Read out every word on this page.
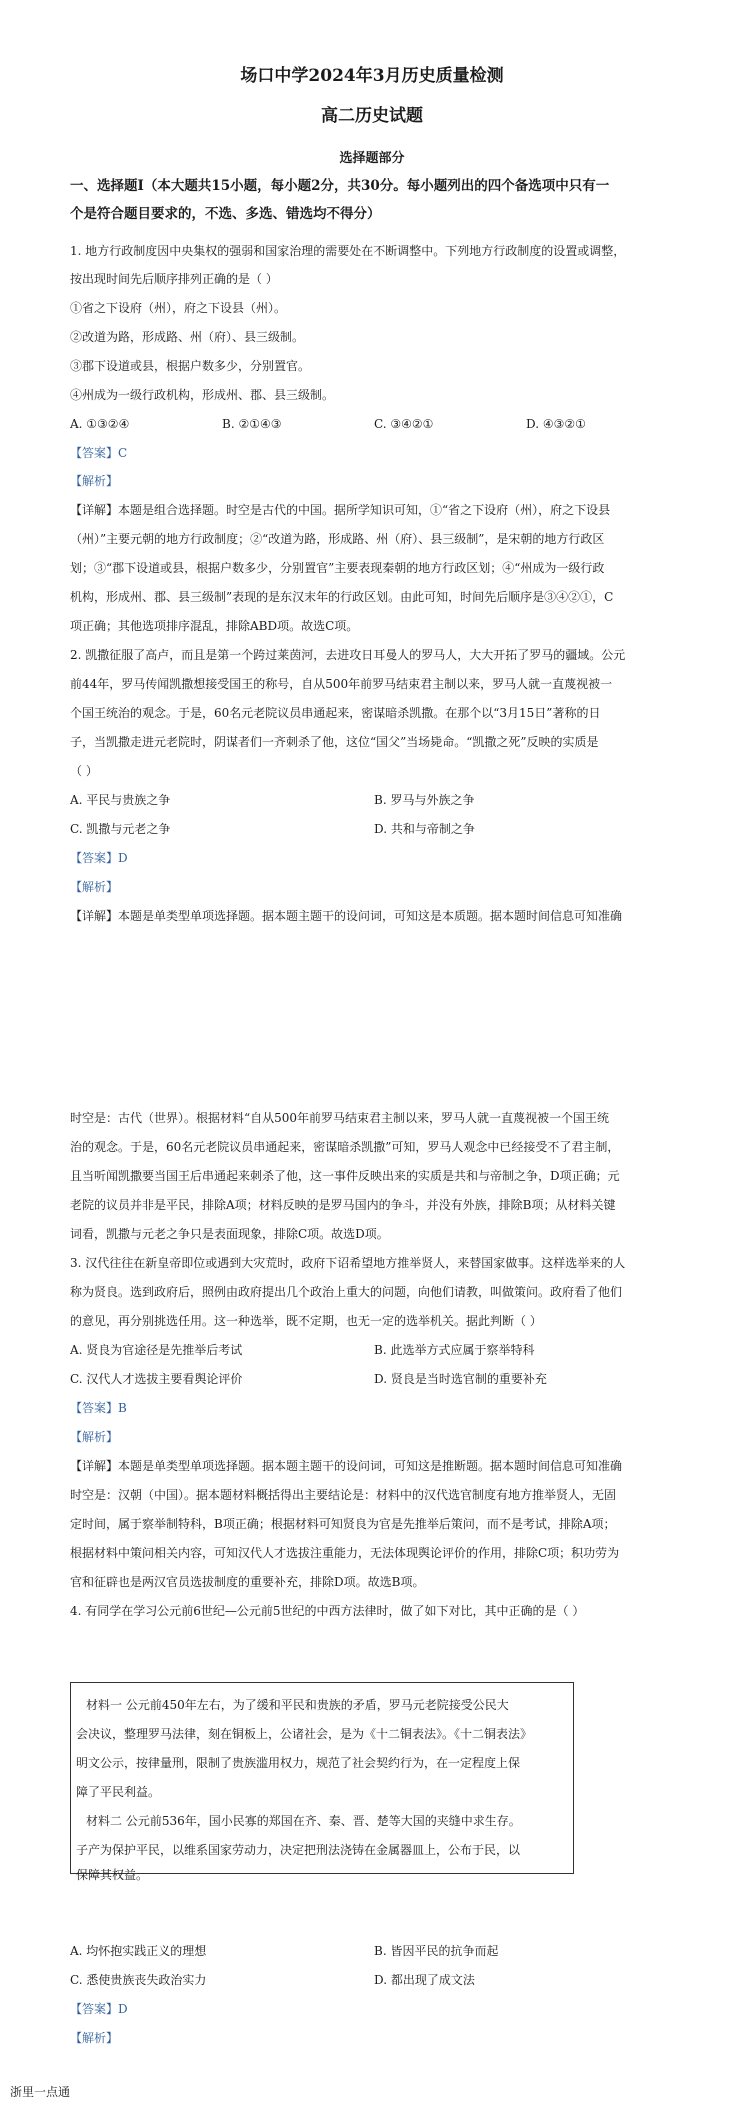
场口中学2024年3月历史质量检测
高二历史试题
选择题部分
一、选择题Ⅰ（本大题共15小题，每小题2分，共30分。每小题列出的四个备选项中只有一
个是符合题目要求的，不选、多选、错选均不得分）
1. 地方行政制度因中央集权的强弱和国家治理的需要处在不断调整中。下列地方行政制度的设置或调整，
按出现时间先后顺序排列正确的是（ ）
①省之下设府（州），府之下设县（州）。
②改道为路，形成路、州（府）、县三级制。
③郡下设道或县，根据户数多少，分别置官。
④州成为一级行政机构，形成州、郡、县三级制。
A. ①③②④	B. ②①④③	C. ③④②①	D. ④③②①
【答案】C
【解析】
【详解】本题是组合选择题。时空是古代的中国。据所学知识可知，①“省之下设府（州），府之下设县
（州）”主要元朝的地方行政制度；②“改道为路，形成路、州（府）、县三级制”，是宋朝的地方行政区
划；③“郡下设道或县，根据户数多少，分别置官”主要表现秦朝的地方行政区划；④“州成为一级行政
机构，形成州、郡、县三级制”表现的是东汉末年的行政区划。由此可知，时间先后顺序是③④②①，C
项正确；其他选项排序混乱，排除ABD项。故选C项。
2. 凯撒征服了高卢，而且是第一个跨过莱茵河，去进攻日耳曼人的罗马人，大大开拓了罗马的疆域。公元
前44年，罗马传闻凯撒想接受国王的称号，自从500年前罗马结束君主制以来，罗马人就一直蔑视被一
个国王统治的观念。于是，60名元老院议员串通起来，密谋暗杀凯撒。在那个以“3月15日”著称的日
子，当凯撒走进元老院时，阴谋者们一齐刺杀了他，这位“国父”当场毙命。“凯撒之死”反映的实质是
（ ）
A. 平民与贵族之争	B. 罗马与外族之争
C. 凯撒与元老之争	D. 共和与帝制之争
【答案】D
【解析】
【详解】本题是单类型单项选择题。据本题主题干的设问词，可知这是本质题。据本题时间信息可知准确
时空是：古代（世界）。根据材料“自从500年前罗马结束君主制以来，罗马人就一直蔑视被一个国王统
治的观念。于是，60名元老院议员串通起来，密谋暗杀凯撒”可知，罗马人观念中已经接受不了君主制，
且当听闻凯撒要当国王后串通起来刺杀了他，这一事件反映出来的实质是共和与帝制之争，D项正确；元
老院的议员并非是平民，排除A项；材料反映的是罗马国内的争斗，并没有外族，排除B项；从材料关键
词看，凯撒与元老之争只是表面现象，排除C项。故选D项。
3. 汉代往往在新皇帝即位或遇到大灾荒时，政府下诏希望地方推举贤人，来替国家做事。这样选举来的人
称为贤良。选到政府后，照例由政府提出几个政治上重大的问题，向他们请教，叫做策问。政府看了他们
的意见，再分别挑选任用。这一种选举，既不定期，也无一定的选举机关。据此判断（ ）
A. 贤良为官途径是先推举后考试	B. 此选举方式应属于察举特科
C. 汉代人才选拔主要看舆论评价	D. 贤良是当时选官制的重要补充
【答案】B
【解析】
【详解】本题是单类型单项选择题。据本题主题干的设问词，可知这是推断题。据本题时间信息可知准确
时空是：汉朝（中国）。据本题材料概括得出主要结论是：材料中的汉代选官制度有地方推举贤人，无固
定时间，属于察举制特科，B项正确；根据材料可知贤良为官是先推举后策问，而不是考试，排除A项；
根据材料中策问相关内容，可知汉代人才选拔注重能力，无法体现舆论评价的作用，排除C项；积功劳为
官和征辟也是两汉官员选拔制度的重要补充，排除D项。故选B项。
4. 有同学在学习公元前6世纪—公元前5世纪的中西方法律时，做了如下对比，其中正确的是（ ）
材料一 公元前450年左右，为了缓和平民和贵族的矛盾，罗马元老院接受公民大
会决议，整理罗马法律，刻在铜板上，公诸社会，是为《十二铜表法》。《十二铜表法》
明文公示，按律量刑，限制了贵族滥用权力，规范了社会契约行为，在一定程度上保
障了平民利益。
材料二 公元前536年，国小民寡的郑国在齐、秦、晋、楚等大国的夹缝中求生存。
子产为保护平民，以维系国家劳动力，决定把刑法浇铸在金属器皿上，公布于民，以
保障其权益。
A. 均怀抱实践正义的理想	B. 皆因平民的抗争而起
C. 悉使贵族丧失政治实力	D. 都出现了成文法
【答案】D
【解析】
浙里一点通
